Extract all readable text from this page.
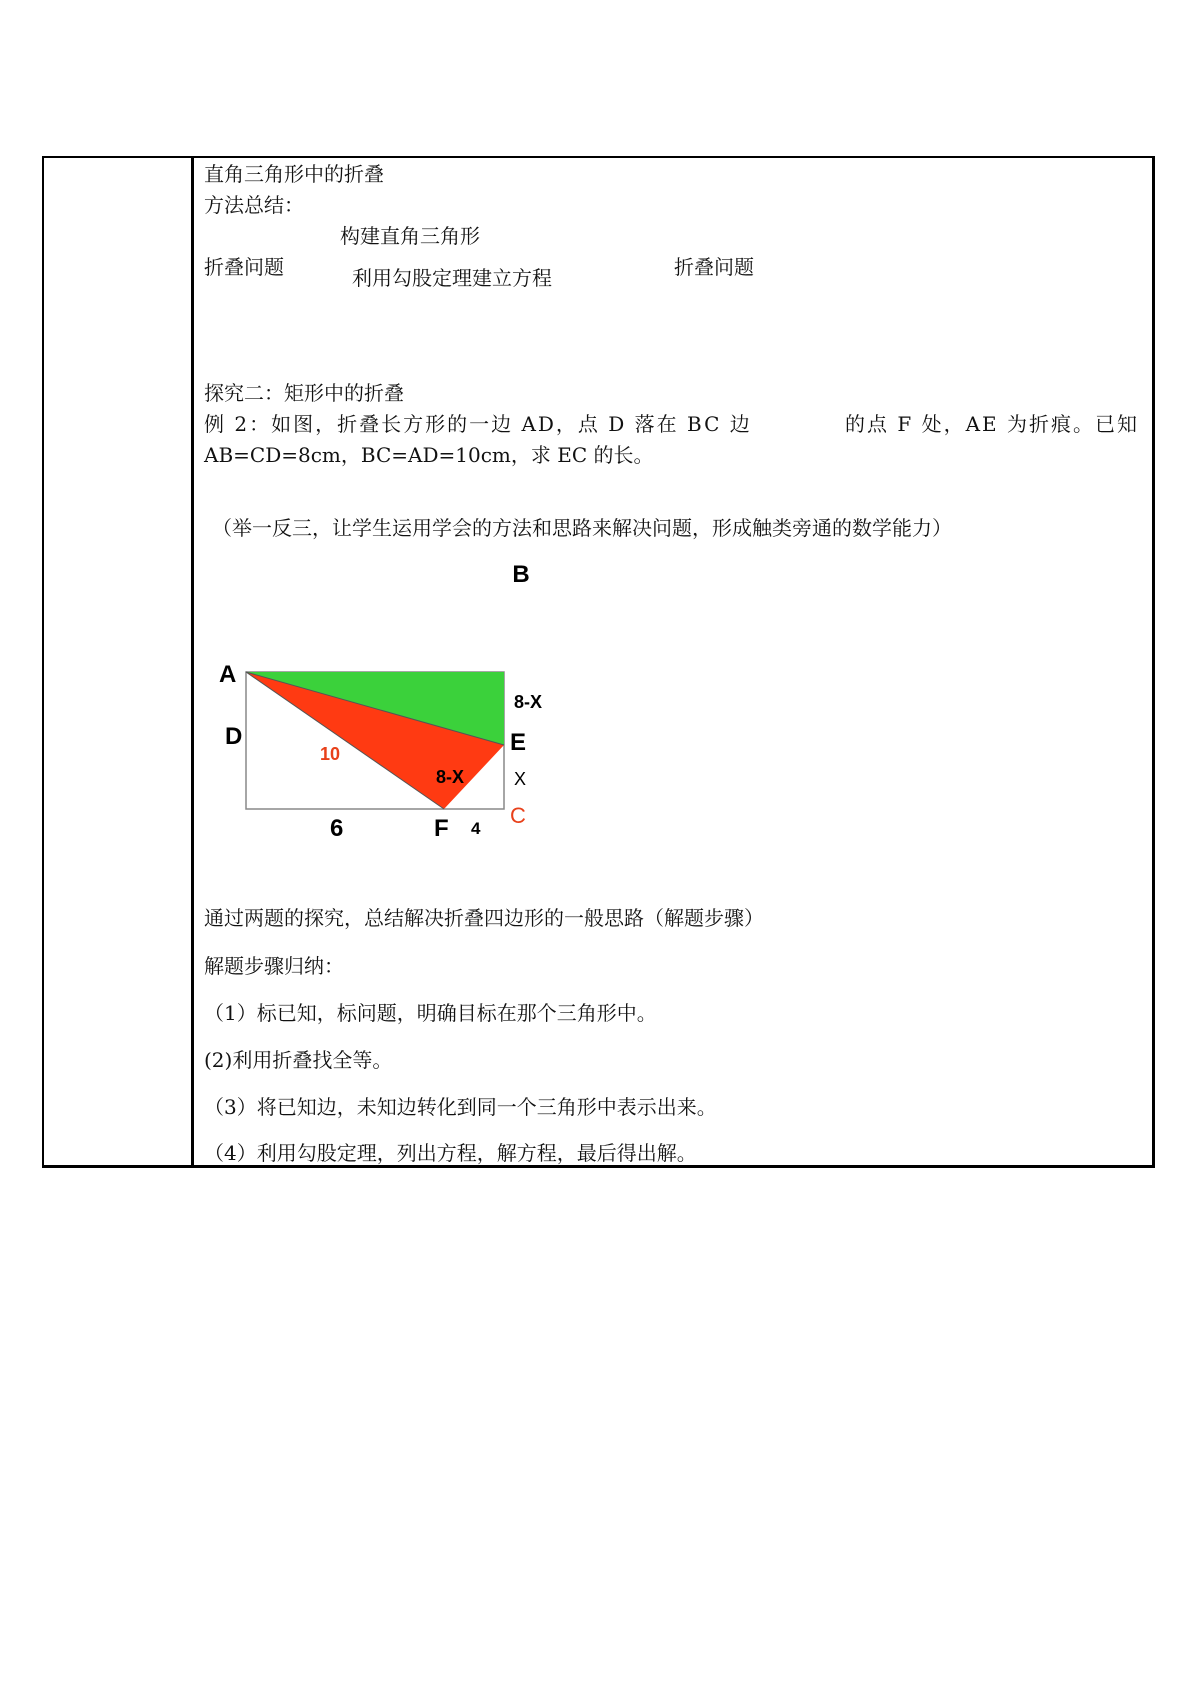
直角三角形中的折叠
方法总结：
构建直角三角形
折叠问题	利用勾股定理建立方程	折叠问题
探究二：矩形中的折叠
例 2：如图，折叠长方形的一边 AD，点 D 落在 BC 边	的点 F 处，AE 为折痕。已知
AB=CD=8cm，BC=AD=10cm，求 EC 的长。
（举一反三，让学生运用学会的方法和思路来解决问题，形成触类旁通的数学能力）
B
A
D	E
F	C
10
8-X
8-X	X
6	4
通过两题的探究，总结解决折叠四边形的一般思路（解题步骤）
解题步骤归纳：
（1）标已知，标问题，明确目标在那个三角形中。
(2)利用折叠找全等。
（3）将已知边，未知边转化到同一个三角形中表示出来。
（4）利用勾股定理，列出方程，解方程，最后得出解。
